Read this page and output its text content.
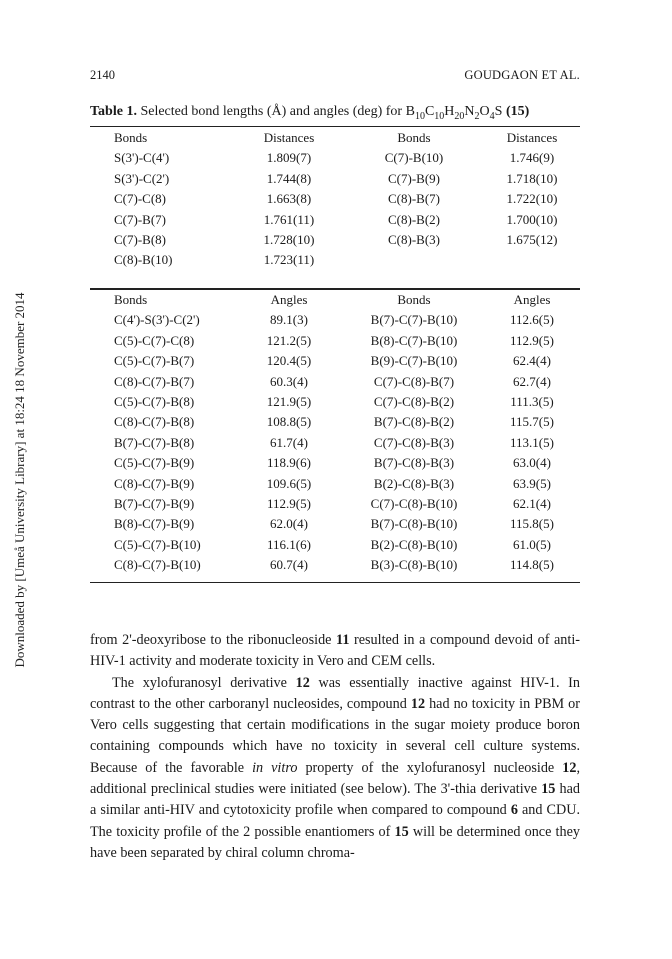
Downloaded by [Umeå University Library] at 18:24 18 November 2014
2140	GOUDGAON ET AL.
Table 1. Selected bond lengths (Å) and angles (deg) for $B_{10}C_{10}H_{20}N_2O_4S$ (15)
Bonds	Distances	Bonds	Distances
S(3')-C(4')	1.809(7)	C(7)-B(10)	1.746(9)
S(3')-C(2')	1.744(8)	C(7)-B(9)	1.718(10)
C(7)-C(8)	1.663(8)	C(8)-B(7)	1.722(10)
C(7)-B(7)	1.761(11)	C(8)-B(2)	1.700(10)
C(7)-B(8)	1.728(10)	C(8)-B(3)	1.675(12)
C(8)-B(10)	1.723(11)		
Bonds	Angles	Bonds	Angles
C(4')-S(3')-C(2')	89.1(3)	B(7)-C(7)-B(10)	112.6(5)
C(5)-C(7)-C(8)	121.2(5)	B(8)-C(7)-B(10)	112.9(5)
C(5)-C(7)-B(7)	120.4(5)	B(9)-C(7)-B(10)	62.4(4)
C(8)-C(7)-B(7)	60.3(4)	C(7)-C(8)-B(7)	62.7(4)
C(5)-C(7)-B(8)	121.9(5)	C(7)-C(8)-B(2)	111.3(5)
C(8)-C(7)-B(8)	108.8(5)	B(7)-C(8)-B(2)	115.7(5)
B(7)-C(7)-B(8)	61.7(4)	C(7)-C(8)-B(3)	113.1(5)
C(5)-C(7)-B(9)	118.9(6)	B(7)-C(8)-B(3)	63.0(4)
C(8)-C(7)-B(9)	109.6(5)	B(2)-C(8)-B(3)	63.9(5)
B(7)-C(7)-B(9)	112.9(5)	C(7)-C(8)-B(10)	62.1(4)
B(8)-C(7)-B(9)	62.0(4)	B(7)-C(8)-B(10)	115.8(5)
C(5)-C(7)-B(10)	116.1(6)	B(2)-C(8)-B(10)	61.0(5)
C(8)-C(7)-B(10)	60.7(4)	B(3)-C(8)-B(10)	114.8(5)

from 2'-deoxyribose to the ribonucleoside 11 resulted in a compound devoid of anti-HIV-1 activity and moderate toxicity in Vero and CEM cells.

The xylofuranosyl derivative 12 was essentially inactive against HIV-1. In contrast to the other carboranyl nucleosides, compound 12 had no toxicity in PBM or Vero cells suggesting that certain modifications in the sugar moiety produce boron containing compounds which have no toxicity in several cell culture systems. Because of the favorable in vitro property of the xylofuranosyl nucleoside 12, additional preclinical studies were initiated (see below). The 3'-thia derivative 15 had a similar anti-HIV and cytotoxicity profile when compared to compound 6 and CDU. The toxicity profile of the 2 possible enantiomers of 15 will be determined once they have been separated by chiral column chroma-
